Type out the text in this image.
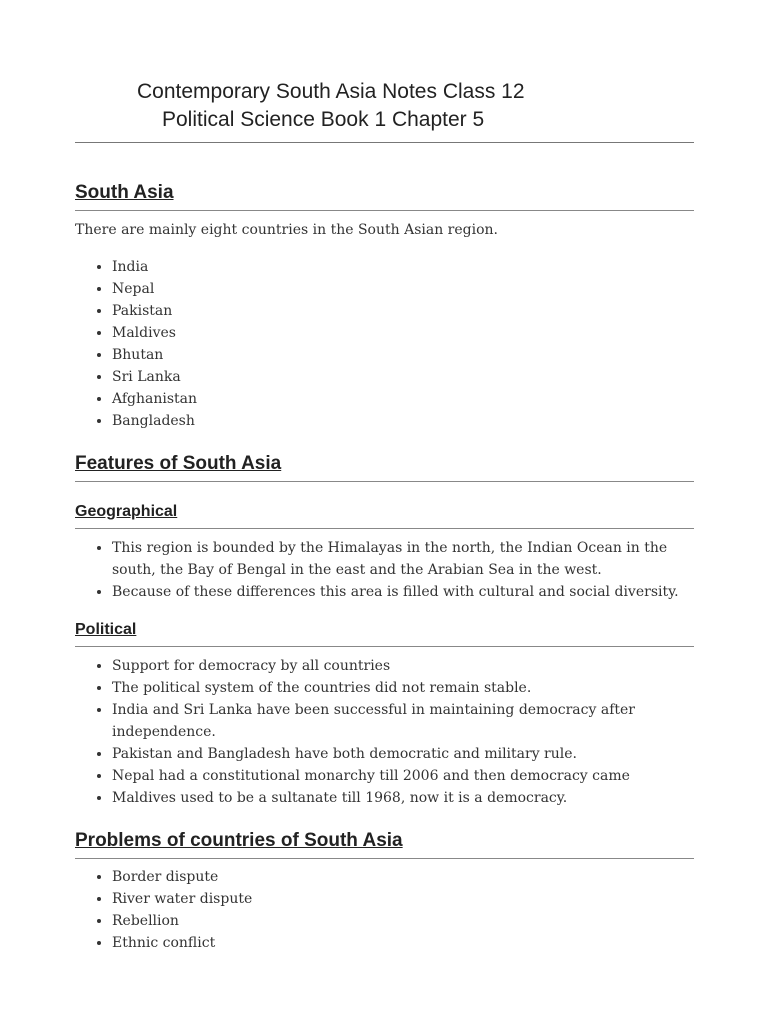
Contemporary South Asia Notes Class 12
Political Science Book 1 Chapter 5
South Asia
There are mainly eight countries in the South Asian region.
• India
• Nepal
• Pakistan
• Maldives
• Bhutan
• Sri Lanka
• Afghanistan
• Bangladesh
Features of South Asia
Geographical
• This region is bounded by the Himalayas in the north, the Indian Ocean in the south, the Bay of Bengal in the east and the Arabian Sea in the west.
• Because of these differences this area is filled with cultural and social diversity.
Political
• Support for democracy by all countries
• The political system of the countries did not remain stable.
• India and Sri Lanka have been successful in maintaining democracy after independence.
• Pakistan and Bangladesh have both democratic and military rule.
• Nepal had a constitutional monarchy till 2006 and then democracy came
• Maldives used to be a sultanate till 1968, now it is a democracy.
Problems of countries of South Asia
• Border dispute
• River water dispute
• Rebellion
• Ethnic conflict
